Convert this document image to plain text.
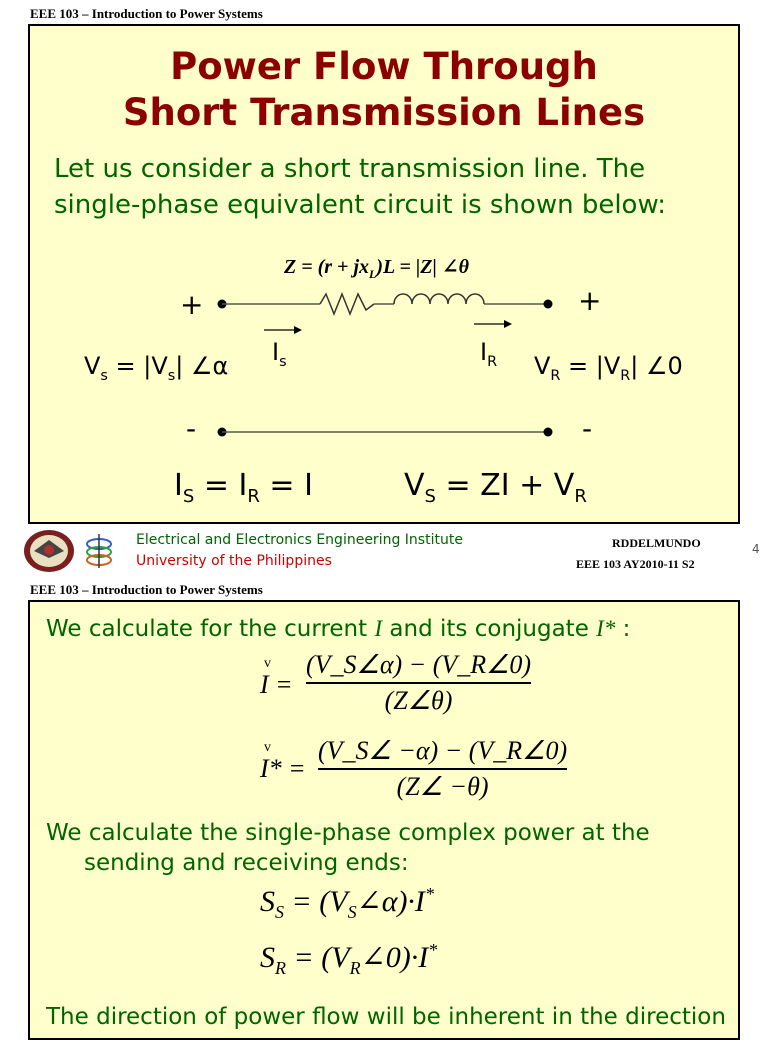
EEE 103 – Introduction to Power Systems
Power Flow Through
Short Transmission Lines
Let us consider a short transmission line. The
single-phase equivalent circuit is shown below:
$Z = (r + jx_L)L = |Z|$ ∠θ
+	+
-	-
$V_s = |V_s|$ ∠α $I_s$	$I_R$ $V_R = |V_R|$ ∠0
$I_S = I_R = I$	$V_S$ = ZI + $V_R$
Electrical and Electronics Engineering Institute
University of the Philippines
RDDELMUNDO
EEE 103 AY2010-11 S2
4
EEE 103 – Introduction to Power Systems
We calculate for the current I and its conjugate I* :
v
I =
(V_S∠α) − (V_R∠0)
(Z∠θ)
v
I* =
(V_S∠ −α) − (V_R∠0)
(Z∠ −θ)
We calculate the single-phase complex power at the
sending and receiving ends:
$S_S$ = $(V_S\angle\alpha)\cdot I^*$
$S_R$ = $(V_R\angle 0)\cdot I^*$
The direction of power flow will be inherent in the direction
